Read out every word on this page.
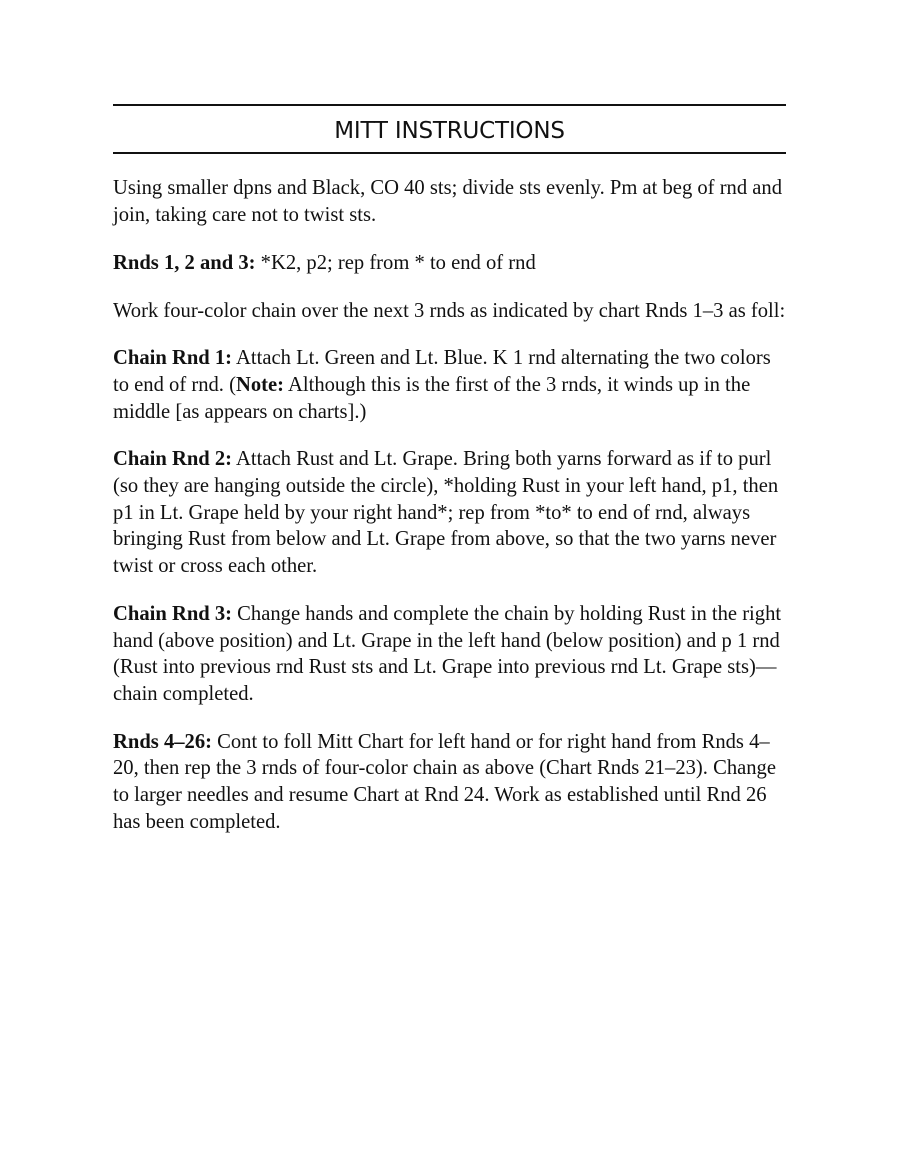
MITT INSTRUCTIONS

Using smaller dpns and Black, CO 40 sts; divide sts evenly. Pm at beg of rnd and join, taking care not to twist sts.

Rnds 1, 2 and 3: *K2, p2; rep from * to end of rnd

Work four-color chain over the next 3 rnds as indicated by chart Rnds 1–3 as foll:

Chain Rnd 1: Attach Lt. Green and Lt. Blue. K 1 rnd alternating the two colors to end of rnd. (Note: Although this is the first of the 3 rnds, it winds up in the middle [as appears on charts].)

Chain Rnd 2: Attach Rust and Lt. Grape. Bring both yarns forward as if to purl (so they are hanging outside the circle), *holding Rust in your left hand, p1, then p1 in Lt. Grape held by your right hand*; rep from *to* to end of rnd, always bringing Rust from below and Lt. Grape from above, so that the two yarns never twist or cross each other.

Chain Rnd 3: Change hands and complete the chain by holding Rust in the right hand (above position) and Lt. Grape in the left hand (below position) and p 1 rnd (Rust into previous rnd Rust sts and Lt. Grape into previous rnd Lt. Grape sts)—chain completed.

Rnds 4–26: Cont to foll Mitt Chart for left hand or for right hand from Rnds 4–20, then rep the 3 rnds of four-color chain as above (Chart Rnds 21–23). Change to larger needles and resume Chart at Rnd 24. Work as established until Rnd 26 has been completed.
